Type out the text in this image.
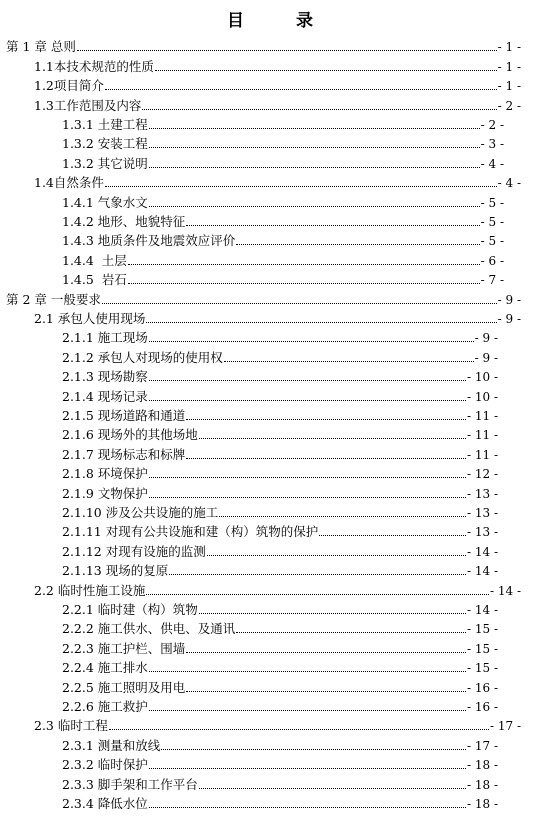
目	录
第 1 章 总则	- 1 -
1.1本技术规范的性质	- 1 -
1.2项目简介	- 1 -
1.3工作范围及内容	- 2 -
1.3.1 土建工程	- 2 -
1.3.2 安装工程	- 3 -
1.3.2 其它说明	- 4 -
1.4自然条件	- 4 -
1.4.1 气象水文	- 5 -
1.4.2 地形、地貌特征	- 5 -
1.4.3 地质条件及地震效应评价	- 5 -
1.4.4 土层	- 6 -
1.4.5 岩石	- 7 -
第 2 章 一般要求	- 9 -
2.1 承包人使用现场	- 9 -
2.1.1 施工现场	- 9 -
2.1.2 承包人对现场的使用权	- 9 -
2.1.3 现场勘察	- 10 -
2.1.4 现场记录	- 10 -
2.1.5 现场道路和通道	- 11 -
2.1.6 现场外的其他场地	- 11 -
2.1.7 现场标志和标牌	- 11 -
2.1.8 环境保护	- 12 -
2.1.9 文物保护	- 13 -
2.1.10 涉及公共设施的施工	- 13 -
2.1.11 对现有公共设施和建（构）筑物的保护	- 13 -
2.1.12 对现有设施的监测	- 14 -
2.1.13 现场的复原	- 14 -
2.2 临时性施工设施	- 14 -
2.2.1 临时建（构）筑物	- 14 -
2.2.2 施工供水、供电、及通讯	- 15 -
2.2.3 施工护栏、围墙	- 15 -
2.2.4 施工排水	- 15 -
2.2.5 施工照明及用电	- 16 -
2.2.6 施工救护	- 16 -
2.3 临时工程	- 17 -
2.3.1 测量和放线	- 17 -
2.3.2 临时保护	- 18 -
2.3.3 脚手架和工作平台	- 18 -
2.3.4 降低水位	- 18 -
